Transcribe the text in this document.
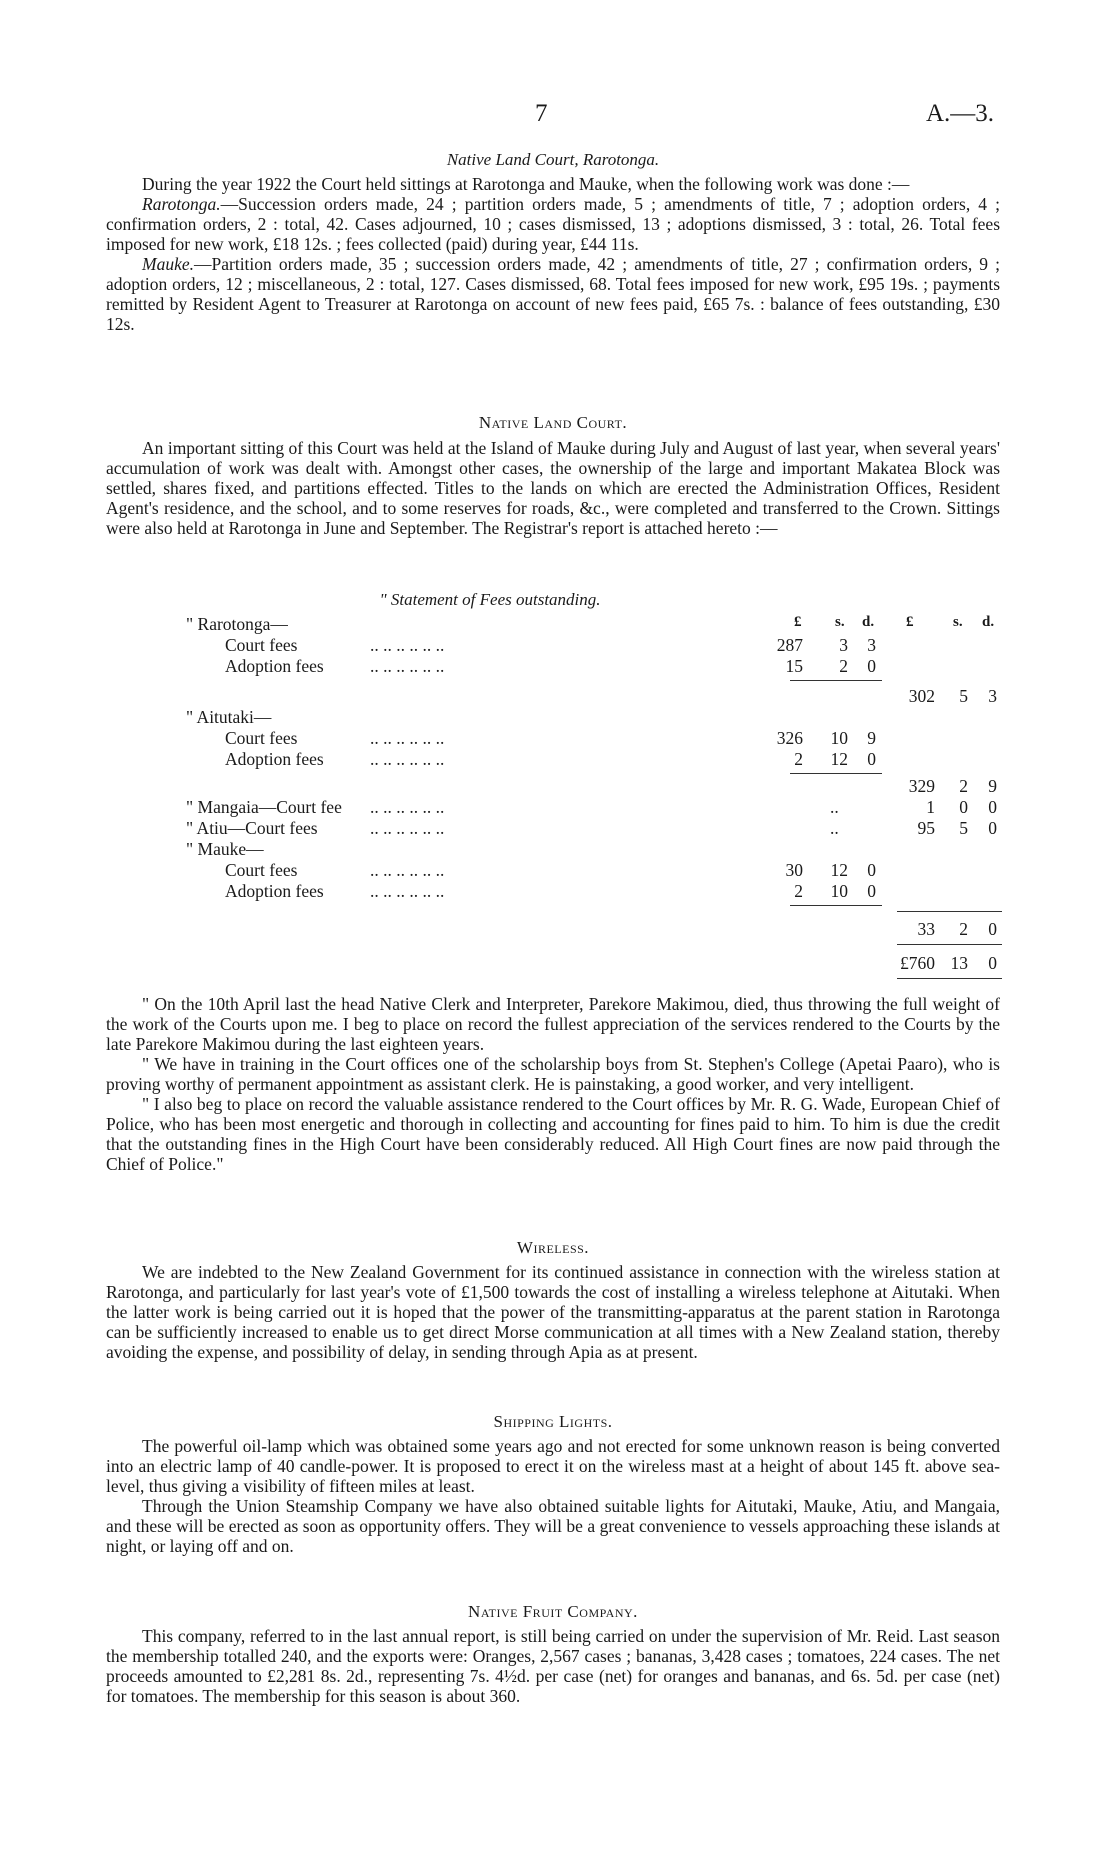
7	A.—3.
Native Land Court, Rarotonga.

During the year 1922 the Court held sittings at Rarotonga and Mauke, when the following work was done :—

Rarotonga.—Succession orders made, 24 ; partition orders made, 5 ; amendments of title, 7 ; adoption orders, 4 ; confirmation orders, 2 : total, 42. Cases adjourned, 10 ; cases dismissed, 13 ; adoptions dismissed, 3 : total, 26. Total fees imposed for new work, £18 12s. ; fees collected (paid) during year, £44 11s.

Mauke.—Partition orders made, 35 ; succession orders made, 42 ; amendments of title, 27 ; confirmation orders, 9 ; adoption orders, 12 ; miscellaneous, 2 : total, 127. Cases dismissed, 68. Total fees imposed for new work, £95 19s. ; payments remitted by Resident Agent to Treasurer at Rarotonga on account of new fees paid, £65 7s. : balance of fees outstanding, £30 12s.

Native Land Court.

An important sitting of this Court was held at the Island of Mauke during July and August of last year, when several years' accumulation of work was dealt with. Amongst other cases, the ownership of the large and important Makatea Block was settled, shares fixed, and partitions effected. Titles to the lands on which are erected the Administration Offices, Resident Agent's residence, and the school, and to some reserves for roads, &c., were completed and transferred to the Crown. Sittings were also held at Rarotonga in June and September. The Registrar's report is attached hereto :—

" Statement of Fees outstanding.
£ s. d. £	s. d.
" Rarotonga—
Court fees	.. .. .. .. .. ..	287 3 3
Adoption fees	.. .. .. .. .. ..	15 2 0
302 5 3
" Aitutaki—
Court fees	.. .. .. .. .. ..	326 10 9
Adoption fees	.. .. .. .. .. ..	2 12 0
329 2 9
" Mangaia—Court fee .. .. .. .. .. ..	..	1 0 0
" Atiu—Court fees	.. .. .. .. .. ..	..	95 5 0
" Mauke—
Court fees	.. .. .. .. .. ..	30 12 0
Adoption fees	.. .. .. .. .. ..	2 10 0
33 2 0
£760 13 0

" On the 10th April last the head Native Clerk and Interpreter, Parekore Makimou, died, thus throwing the full weight of the work of the Courts upon me. I beg to place on record the fullest appreciation of the services rendered to the Courts by the late Parekore Makimou during the last eighteen years.

" We have in training in the Court offices one of the scholarship boys from St. Stephen's College (Apetai Paaro), who is proving worthy of permanent appointment as assistant clerk. He is painstaking, a good worker, and very intelligent.

" I also beg to place on record the valuable assistance rendered to the Court offices by Mr. R. G. Wade, European Chief of Police, who has been most energetic and thorough in collecting and accounting for fines paid to him. To him is due the credit that the outstanding fines in the High Court have been considerably reduced. All High Court fines are now paid through the Chief of Police."

Wireless.

We are indebted to the New Zealand Government for its continued assistance in connection with the wireless station at Rarotonga, and particularly for last year's vote of £1,500 towards the cost of installing a wireless telephone at Aitutaki. When the latter work is being carried out it is hoped that the power of the transmitting-apparatus at the parent station in Rarotonga can be sufficiently increased to enable us to get direct Morse communication at all times with a New Zealand station, thereby avoiding the expense, and possibility of delay, in sending through Apia as at present.

Shipping Lights.

The powerful oil-lamp which was obtained some years ago and not erected for some unknown reason is being converted into an electric lamp of 40 candle-power. It is proposed to erect it on the wireless mast at a height of about 145 ft. above sea-level, thus giving a visibility of fifteen miles at least.

Through the Union Steamship Company we have also obtained suitable lights for Aitutaki, Mauke, Atiu, and Mangaia, and these will be erected as soon as opportunity offers. They will be a great convenience to vessels approaching these islands at night, or laying off and on.

Native Fruit Company.

This company, referred to in the last annual report, is still being carried on under the supervision of Mr. Reid. Last season the membership totalled 240, and the exports were: Oranges, 2,567 cases ; bananas, 3,428 cases ; tomatoes, 224 cases. The net proceeds amounted to £2,281 8s. 2d., representing 7s. 4½d. per case (net) for oranges and bananas, and 6s. 5d. per case (net) for tomatoes. The membership for this season is about 360.
